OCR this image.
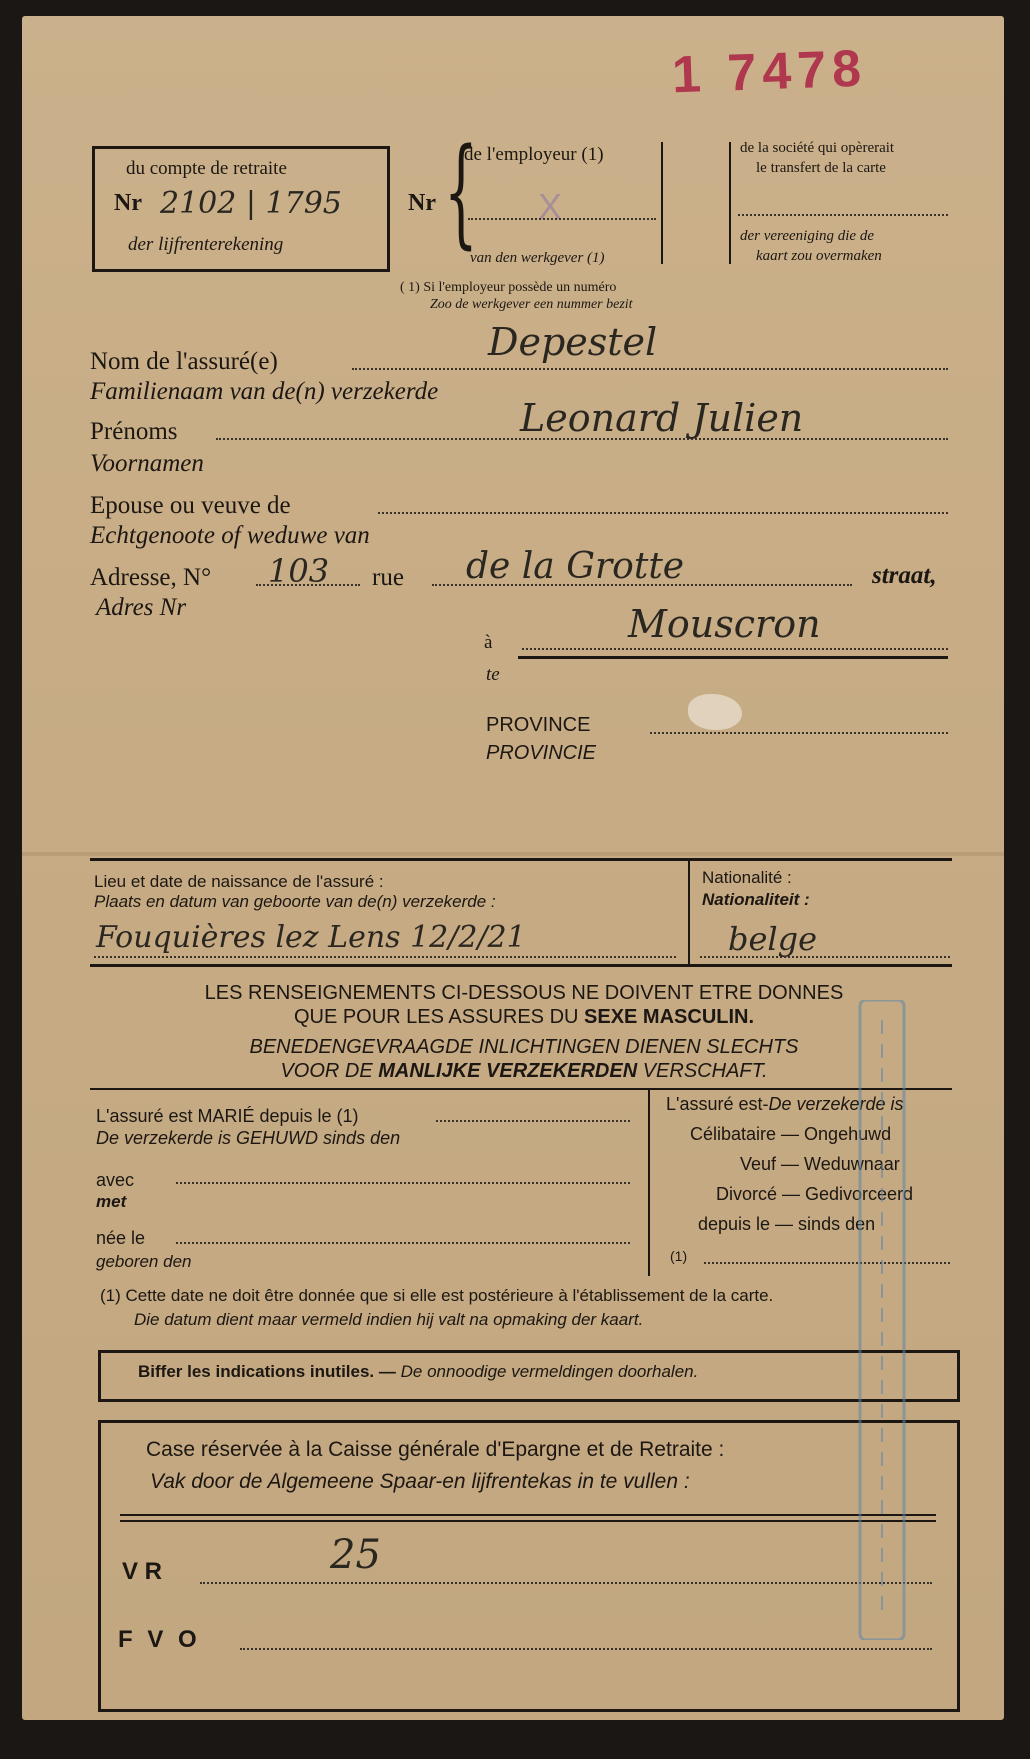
1 7478
du compte de retraite
Nr 2102 | 1795
der lijfrenterekening
Nr {
de l'employeur (1)
X
van den werkgever (1)
de la société qui opèrerait
le transfert de la carte
der vereeniging die de
kaart zou overmaken
( 1) Si l'employeur possède un numéro
Zoo de werkgever een nummer bezit
Nom de l'assuré(e)	Depestel
Familienaam van de(n) verzekerde
Prénoms	Leonard Julien
Voornamen
Epouse ou veuve de
Echtgenoote of weduwe van
Adresse, N° 103 rue de la Grotte	straat,
Adres Nr
à	Mouscron
te
PROVINCE
PROVINCIE
Lieu et date de naissance de l'assuré :
Plaats en datum van geboorte van de(n) verzekerde :
Fouquières lez Lens 12/2/21
Nationalité :
Nationaliteit :
belge
LES RENSEIGNEMENTS CI-DESSOUS NE DOIVENT ETRE DONNES
QUE POUR LES ASSURES DU SEXE MASCULIN.
BENEDENGEVRAAGDE INLICHTINGEN DIENEN SLECHTS
VOOR DE MANLIJKE VERZEKERDEN VERSCHAFT.
L'assuré est MARIÉ depuis le (1)
De verzekerde is GEHUWD sinds den
avec
met
née le
geboren den
L'assuré est-De verzekerde is
Célibataire — Ongehuwd
Veuf — Weduwnaar
Divorcé — Gedivorceerd
depuis le — sinds den
(1)
(1) Cette date ne doit être donnée que si elle est postérieure à l'établissement de la carte.
Die datum dient maar vermeld indien hij valt na opmaking der kaart.
Biffer les indications inutiles. — De onnoodige vermeldingen doorhalen.
Case réservée à la Caisse générale d'Epargne et de Retraite :
Vak door de Algemeene Spaar-en lijfrentekas in te vullen :
V R	25
F V O
